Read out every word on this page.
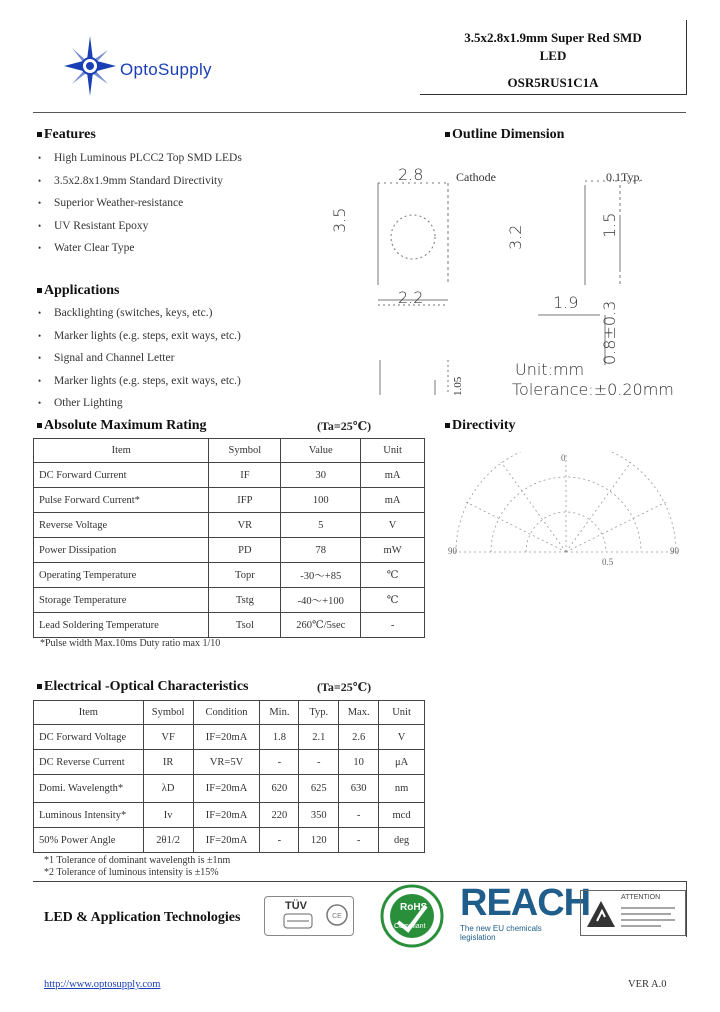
OptoSupply
3.5x2.8x1.9mm Super Red SMD
LED
OSR5RUS1C1A
Features
• High Luminous PLCC2 Top SMD LEDs
• 3.5x2.8x1.9mm Standard Directivity
• Superior Weather-resistance
• UV Resistant Epoxy
• Water Clear Type
Applications
• Backlighting (switches, keys, etc.)
• Marker lights (e.g. steps, exit ways, etc.)
• Signal and Channel Letter
• Marker lights (e.g. steps, exit ways, etc.)
• Other Lighting
Outline Dimension
2.8	Cathode	0.1Typ.
3.5
3.2	1.5
2.2	1.9 0.8±0.3
1.05
Unit:mm
Tolerance:±0.20mm
Absolute Maximum Rating	(Ta=25℃)
Item	Symbol	Value	Unit
DC Forward Current	IF	30	mA
Pulse Forward Current*	IFP	100	mA
Reverse Voltage	VR	5	V
Power Dissipation	PD	78	mW
Operating Temperature	Topr	-30～+85	℃
Storage Temperature	Tstg	-40～+100	℃
Lead Soldering Temperature	Tsol	260℃/5sec	-
*Pulse width Max.10ms Duty ratio max 1/10
Directivity
0
90	90
0.5
Electrical -Optical Characteristics	(Ta=25℃)
Item	Symbol	Condition	Min.	Typ.	Max.	Unit
DC Forward Voltage	VF	IF=20mA	1.8	2.1	2.6	V
DC Reverse Current	IR	VR=5V	-	-	10	μA
Domi. Wavelength*	λD	IF=20mA	620	625	630	nm
Luminous Intensity*	Iv	IF=20mA	220	350	-	mcd
50% Power Angle	2θ1/2	IF=20mA	-	120	-	deg
*1 Tolerance of dominant wavelength is ±1nm
*2 Tolerance of luminous intensity is ±15%
LED & Application Technologies
TÜV
CE
RoHS
Compliant
REACH
The new EU chemicals legislation
ATTENTION
http://www.optosupply.com	VER A.0
